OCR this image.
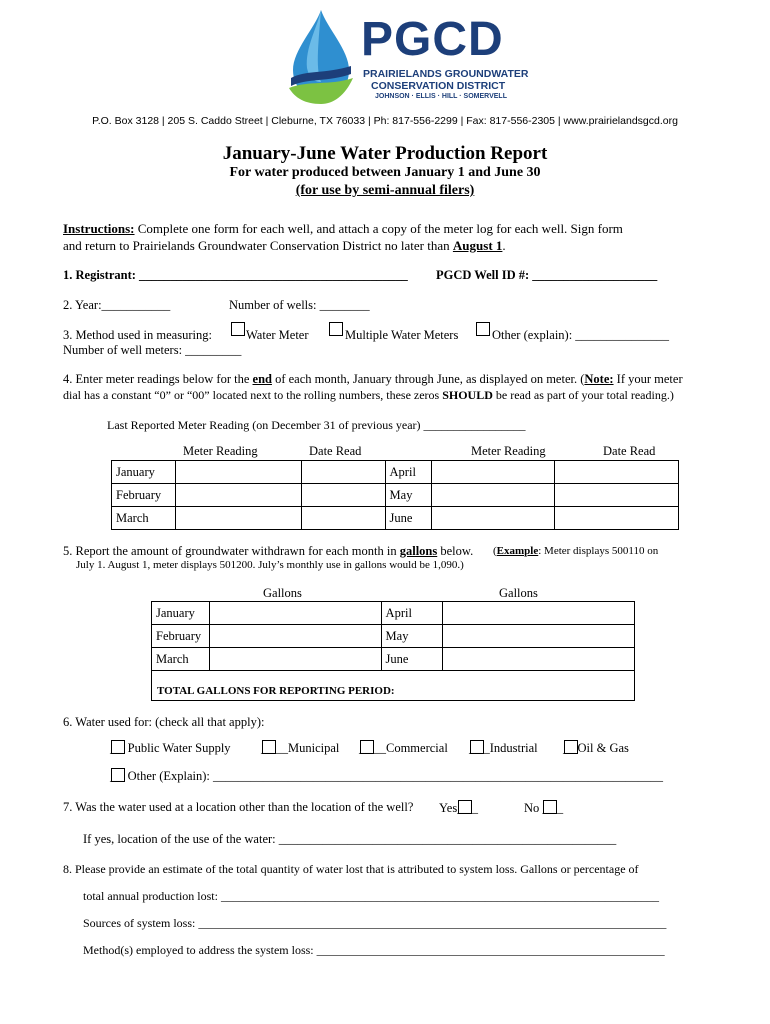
PGCD
PRAIRIELANDS GROUNDWATER
CONSERVATION DISTRICT
JOHNSON · ELLIS · HILL · SOMERVELL
P.O. Box 3128 | 205 S. Caddo Street | Cleburne, TX 76033 | Ph: 817-556-2299 | Fax: 817-556-2305 | www.prairielandsgcd.org
January-June Water Production Report
For water produced between January 1 and June 30
(for use by semi-annual filers)
Instructions: Complete one form for each well, and attach a copy of the meter log for each well. Sign form
and return to Prairielands Groundwater Conservation District no later than August 1.
1. Registrant: ___________________________________________ PGCD Well ID #: ____________________
2. Year:___________	Number of wells: ________
3. Method used in measuring:	Water Meter	Multiple Water Meters	Other (explain): _______________
Number of well meters: _________
4. Enter meter readings below for the end of each month, January through June, as displayed on meter. (Note: If your meter
dial has a constant “0” or “00” located next to the rolling numbers, these zeros SHOULD be read as part of your total reading.)
Last Reported Meter Reading (on December 31 of previous year) _________________
Meter Reading	Date Read	Meter Reading	Date Read
January			April		
February			May		
March			June		
5. Report the amount of groundwater withdrawn for each month in gallons below. (Example: Meter displays 500110 on
July 1. August 1, meter displays 501200. July’s monthly use in gallons would be 1,090.)
Gallons	Gallons
January		April	
February		May	
March		June	
TOTAL GALLONS FOR REPORTING PERIOD:
6. Water used for: (check all that apply):
__ Public Water Supply __ __Municipal __ __Commercial __ _Industrial __ Oil & Gas
__ Other (Explain): ________________________________________________________________________
7. Was the water used at a location other than the location of the well? Yes__ _	No __ _
If yes, location of the use of the water: ______________________________________________________
8. Please provide an estimate of the total quantity of water lost that is attributed to system loss. Gallons or percentage of
total annual production lost: _________________________________________________________________________
Sources of system loss: ______________________________________________________________________________
Method(s) employed to address the system loss: __________________________________________________________
